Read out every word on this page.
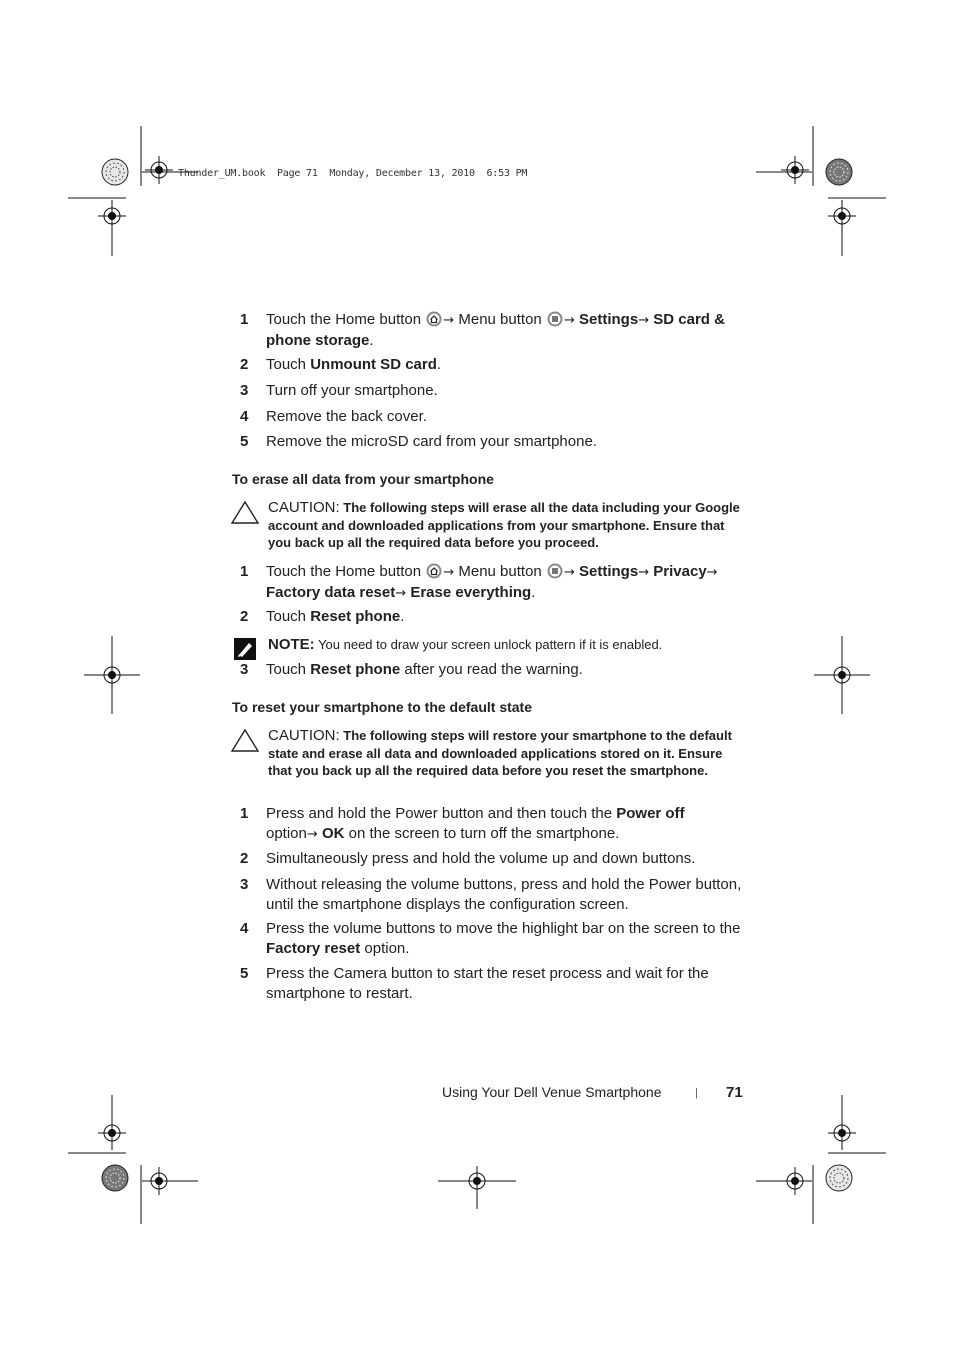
Thunder_UM.book  Page 71  Monday, December 13, 2010  6:53 PM
1 Touch the Home button → Menu button → Settings→ SD card & phone storage.
2 Touch Unmount SD card.
3 Turn off your smartphone.
4 Remove the back cover.
5 Remove the microSD card from your smartphone.
To erase all data from your smartphone
CAUTION: The following steps will erase all the data including your Google account and downloaded applications from your smartphone. Ensure that you back up all the required data before you proceed.
1 Touch the Home button → Menu button → Settings→ Privacy→ Factory data reset→ Erase everything.
2 Touch Reset phone.
NOTE: You need to draw your screen unlock pattern if it is enabled.
3 Touch Reset phone after you read the warning.
To reset your smartphone to the default state
CAUTION: The following steps will restore your smartphone to the default state and erase all data and downloaded applications stored on it. Ensure that you back up all the required data before you reset the smartphone.
1 Press and hold the Power button and then touch the Power off
option→ OK on the screen to turn off the smartphone.
2 Simultaneously press and hold the volume up and down buttons.
3 Without releasing the volume buttons, press and hold the Power button, until the smartphone displays the configuration screen.
4 Press the volume buttons to move the highlight bar on the screen to the Factory reset option.
5 Press the Camera button to start the reset process and wait for the smartphone to restart.
Using Your Dell Venue Smartphone	| 71
